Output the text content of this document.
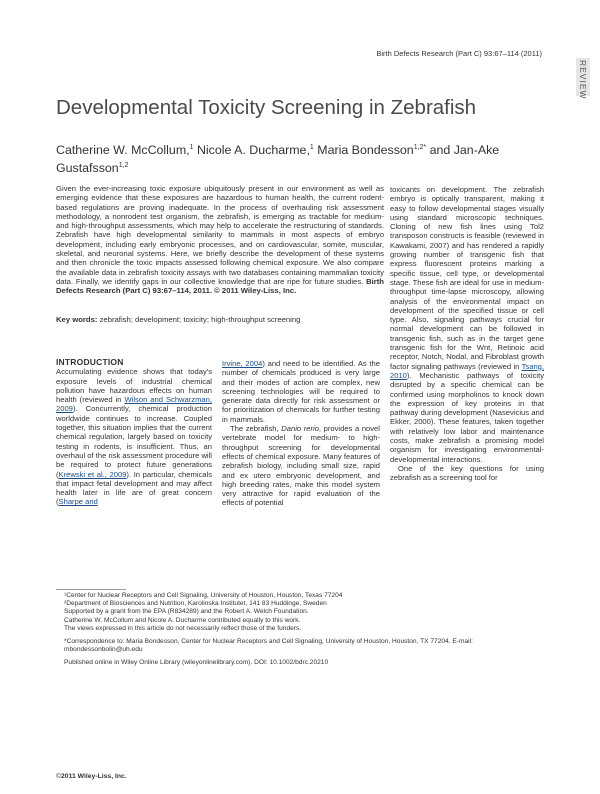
Birth Defects Research (Part C) 93:67–114 (2011)
REVIEW
Developmental Toxicity Screening in Zebrafish
Catherine W. McCollum,$^1$ Nicole A. Ducharme,$^1$ Maria Bondesson$^{1,2*}$ and Jan-Ake Gustafsson$^{1,2}$
Given the ever-increasing toxic exposure ubiquitously present in our environment as well as emerging evidence that these exposures are hazardous to human health, the current rodent-based regulations are proving inadequate. In the process of overhauling risk assessment methodology, a nonrodent test organism, the zebrafish, is emerging as tractable for medium- and high-throughput assessments, which may help to accelerate the restructuring of standards. Zebrafish have high developmental similarity to mammals in most aspects of embryo development, including early embryonic processes, and on cardiovascular, somite, muscular, skeletal, and neuronal systems. Here, we briefly describe the development of these systems and then chronicle the toxic impacts assessed following chemical exposure. We also compare the available data in zebrafish toxicity assays with two databases containing mammalian toxicity data. Finally, we identify gaps in our collective knowledge that are ripe for future studies. Birth Defects Research (Part C) 93:67–114, 2011. © 2011 Wiley-Liss, Inc.
Key words: zebrafish; development; toxicity; high-throughput screening
toxicants on development. The zebrafish embryo is optically transparent, making it easy to follow developmental stages visually using standard microscopic techniques. Cloning of new fish lines using Tol2 transposon constructs is feasible (reviewed in Kawakami, 2007) and has rendered a rapidly growing number of transgenic fish that express fluorescent proteins marking a specific tissue, cell type, or developmental stage. These fish are ideal for use in medium-throughput time-lapse microscopy, allowing analysis of the environmental impact on development of the specified tissue or cell type. Also, signaling pathways crucial for normal development can be followed in transgenic fish, such as in the target gene transgenic fish for the Wnt, Retinoic acid receptor, Notch, Nodal, and Fibroblast growth factor signaling pathways (reviewed in Tsang, 2010). Mechanistic pathways of toxicity disrupted by a specific chemical can be confirmed using morpholinos to knock down the expression of key proteins in that pathway during development (Nasevicius and Ekker, 2000). These features, taken together with relatively low labor and maintenance costs, make zebrafish a promising model organism for investigating environmental-developmental interactions.
One of the key questions for using zebrafish as a screening tool for
INTRODUCTION
Accumulating evidence shows that today's exposure levels of industrial chemical pollution have hazardous effects on human health (reviewed in Wilson and Schwarzman, 2009). Concurrently, chemical production worldwide continues to increase. Coupled together, this situation implies that the current chemical regulation, largely based on toxicity testing in rodents, is insufficient. Thus, an overhaul of the risk assessment procedure will be required to protect future generations (Krewski et al., 2009). In particular, chemicals that impact fetal development and may affect health later in life are of great concern (Sharpe and
Irvine, 2004) and need to be identified. As the number of chemicals produced is very large and their modes of action are complex, new screening technologies will be required to generate data directly for risk assessment or for prioritization of chemicals for further testing in mammals.
The zebrafish, Danio rerio, provides a novel vertebrate model for medium- to high-throughput screening for developmental effects of chemical exposure. Many features of zebrafish biology, including small size, rapid and ex utero embryonic development, and high breeding rates, make this model system very attractive for rapid evaluation of the effects of potential

¹Center for Nuclear Receptors and Cell Signaling, University of Houston, Houston, Texas 77204

²Department of Biosciences and Nutrition, Karolinska Institutet, 141 83 Huddinge, Sweden

Supported by a grant from the EPA (R834289) and the Robert A. Welch Foundation.

Catherine W. McCollum and Nicole A. Ducharme contributed equally to this work.

The views expressed in this article do not necessarily reflect those of the funders.

*Correspondence to: Maria Bondesson, Center for Nuclear Receptors and Cell Signaling, University of Houston, Houston, TX 77204. E-mail: mbondessonbolin@uh.edu

Published online in Wiley Online Library (wileyonlinelibrary.com). DOI: 10.1002/bdrc.20210

©2011 Wiley-Liss, Inc.
